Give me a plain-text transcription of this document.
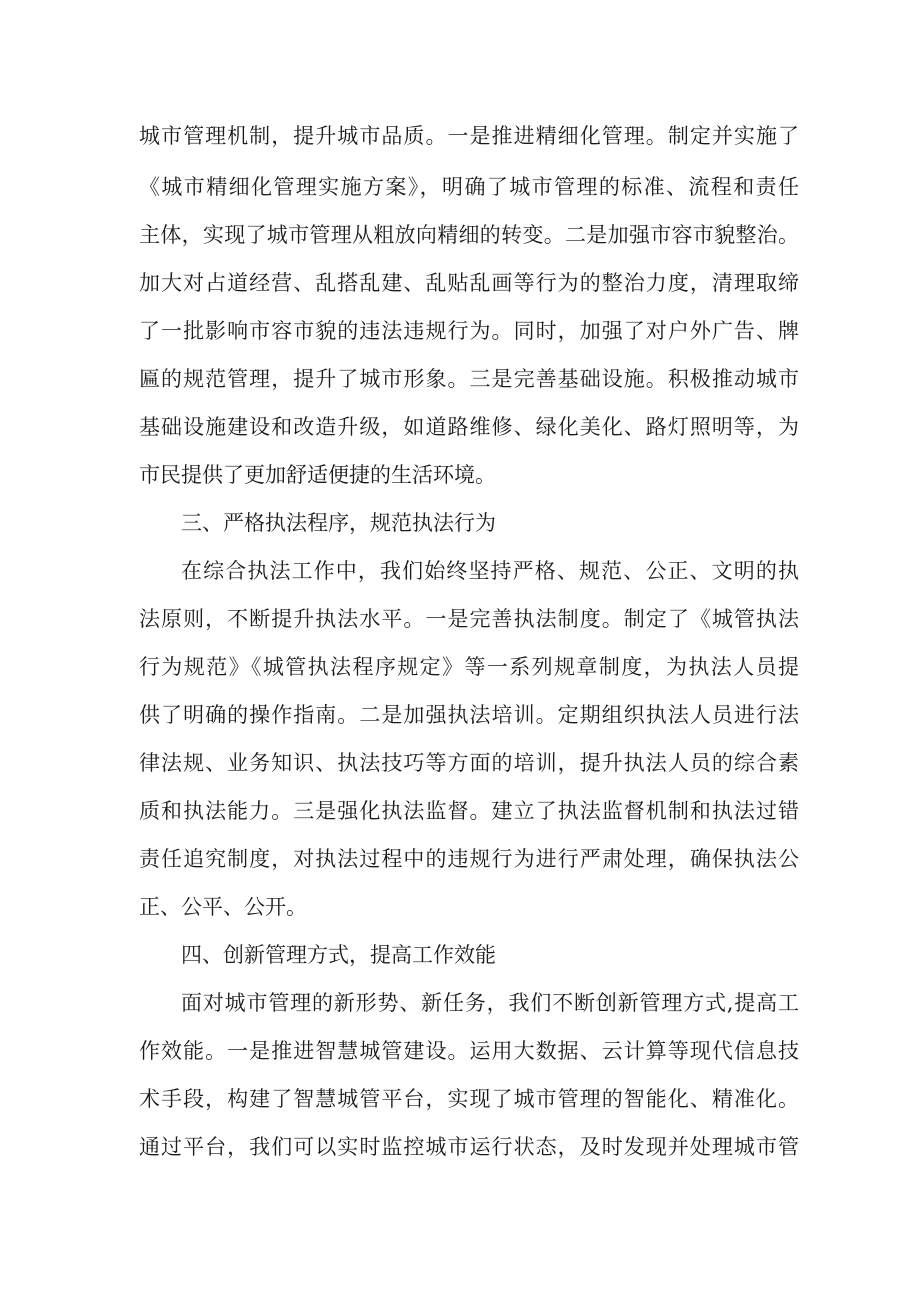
城市管理机制，提升城市品质。一是推进精细化管理。制定并实施了
《城市精细化管理实施方案》，明确了城市管理的标准、流程和责任
主体，实现了城市管理从粗放向精细的转变。二是加强市容市貌整治。
加大对占道经营、乱搭乱建、乱贴乱画等行为的整治力度，清理取缔
了一批影响市容市貌的违法违规行为。同时，加强了对户外广告、牌
匾的规范管理，提升了城市形象。三是完善基础设施。积极推动城市
基础设施建设和改造升级，如道路维修、绿化美化、路灯照明等，为
市民提供了更加舒适便捷的生活环境。
三、严格执法程序，规范执法行为
在综合执法工作中，我们始终坚持严格、规范、公正、文明的执
法原则，不断提升执法水平。一是完善执法制度。制定了《城管执法
行为规范》《城管执法程序规定》等一系列规章制度，为执法人员提
供了明确的操作指南。二是加强执法培训。定期组织执法人员进行法
律法规、业务知识、执法技巧等方面的培训，提升执法人员的综合素
质和执法能力。三是强化执法监督。建立了执法监督机制和执法过错
责任追究制度，对执法过程中的违规行为进行严肃处理，确保执法公
正、公平、公开。
四、创新管理方式，提高工作效能
面对城市管理的新形势、新任务，我们不断创新管理方式,提高工
作效能。一是推进智慧城管建设。运用大数据、云计算等现代信息技
术手段，构建了智慧城管平台，实现了城市管理的智能化、精准化。
通过平台，我们可以实时监控城市运行状态，及时发现并处理城市管
